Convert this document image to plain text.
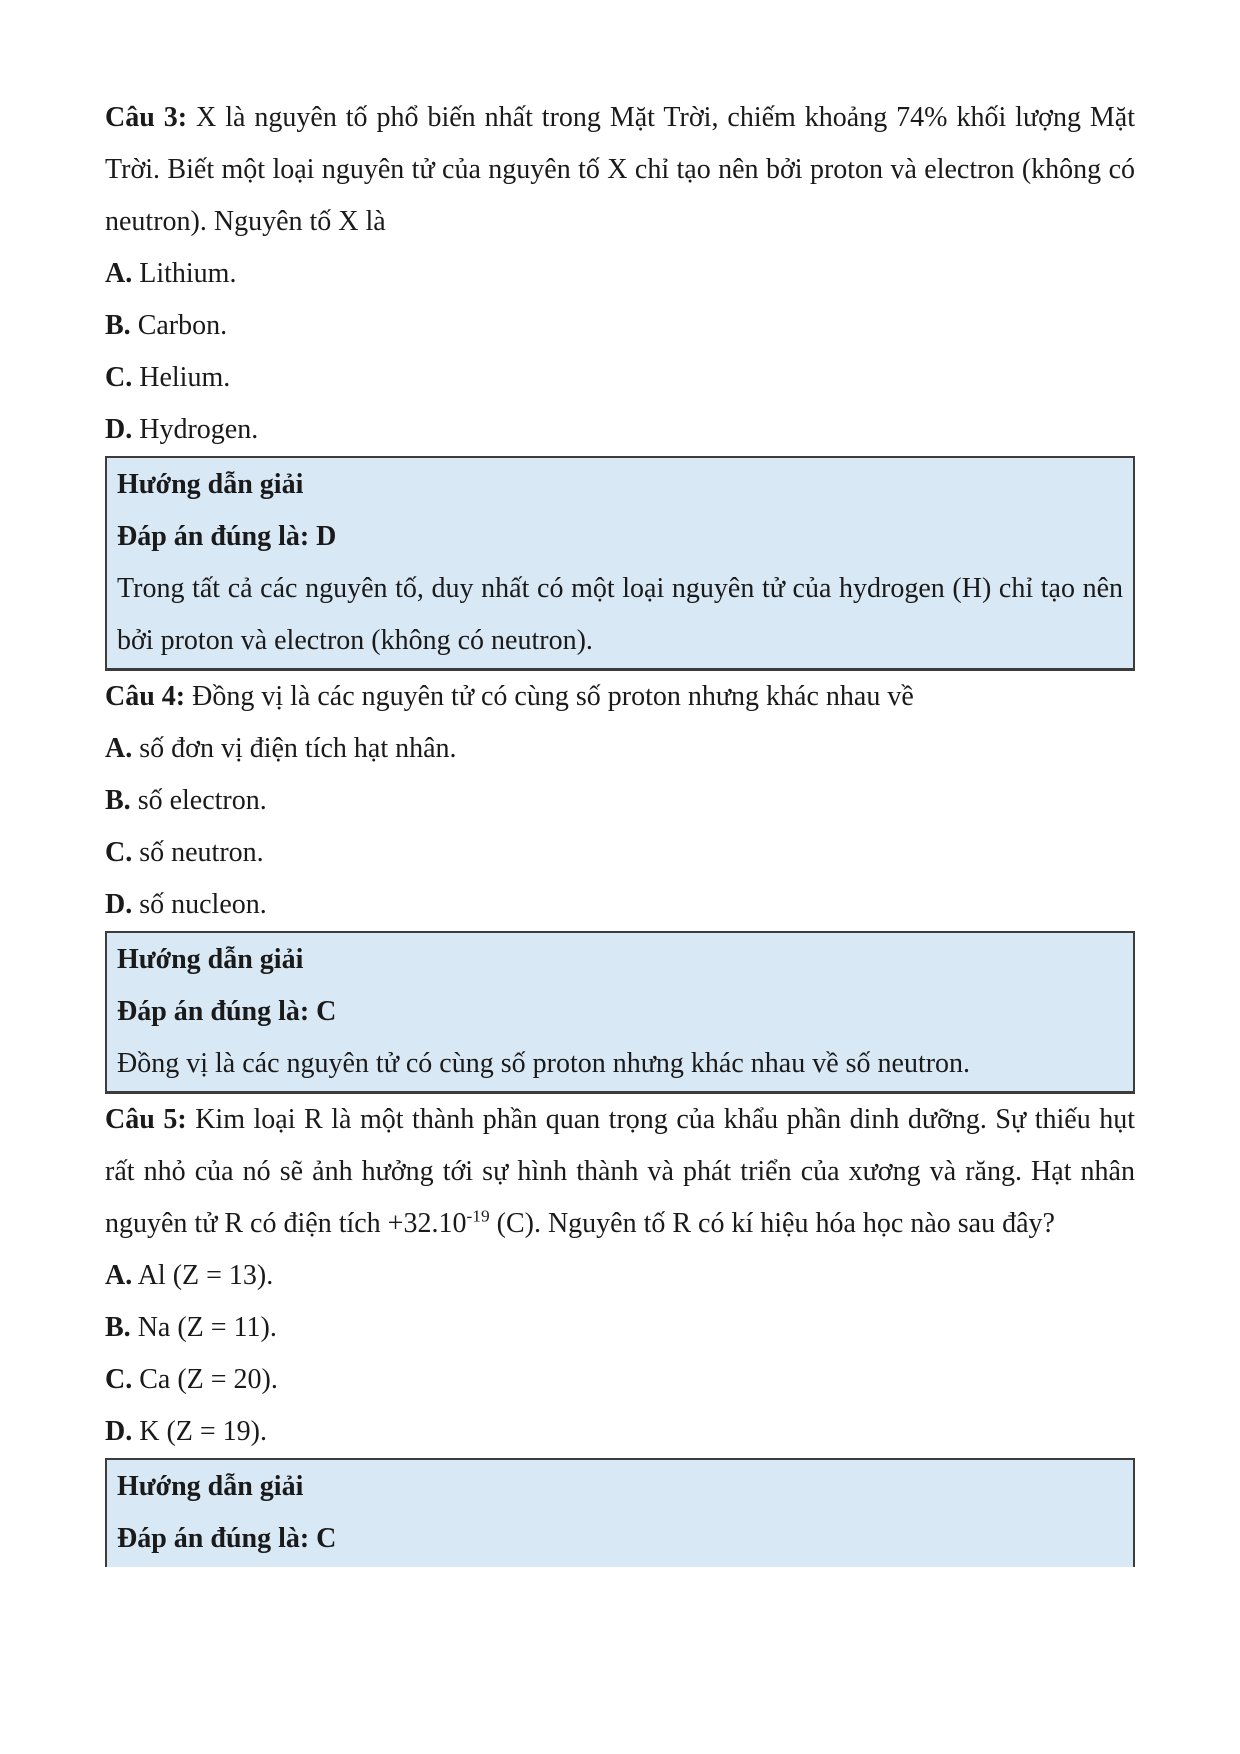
Câu 3: X là nguyên tố phổ biến nhất trong Mặt Trời, chiếm khoảng 74% khối lượng Mặt Trời. Biết một loại nguyên tử của nguyên tố X chỉ tạo nên bởi proton và electron (không có neutron). Nguyên tố X là

A. Lithium.

B. Carbon.

C. Helium.

D. Hydrogen.

Hướng dẫn giải

Đáp án đúng là: D

Trong tất cả các nguyên tố, duy nhất có một loại nguyên tử của hydrogen (H) chỉ tạo nên bởi proton và electron (không có neutron).

Câu 4: Đồng vị là các nguyên tử có cùng số proton nhưng khác nhau về

A. số đơn vị điện tích hạt nhân.

B. số electron.

C. số neutron.

D. số nucleon.

Hướng dẫn giải

Đáp án đúng là: C

Đồng vị là các nguyên tử có cùng số proton nhưng khác nhau về số neutron.

Câu 5: Kim loại R là một thành phần quan trọng của khẩu phần dinh dưỡng. Sự thiếu hụt rất nhỏ của nó sẽ ảnh hưởng tới sự hình thành và phát triển của xương và răng. Hạt nhân nguyên tử R có điện tích $+32.10^{-19}$ (C). Nguyên tố R có kí hiệu hóa học nào sau đây?

A. Al (Z = 13).

B. Na (Z = 11).

C. Ca (Z = 20).

D. K (Z = 19).

Hướng dẫn giải

Đáp án đúng là: C
